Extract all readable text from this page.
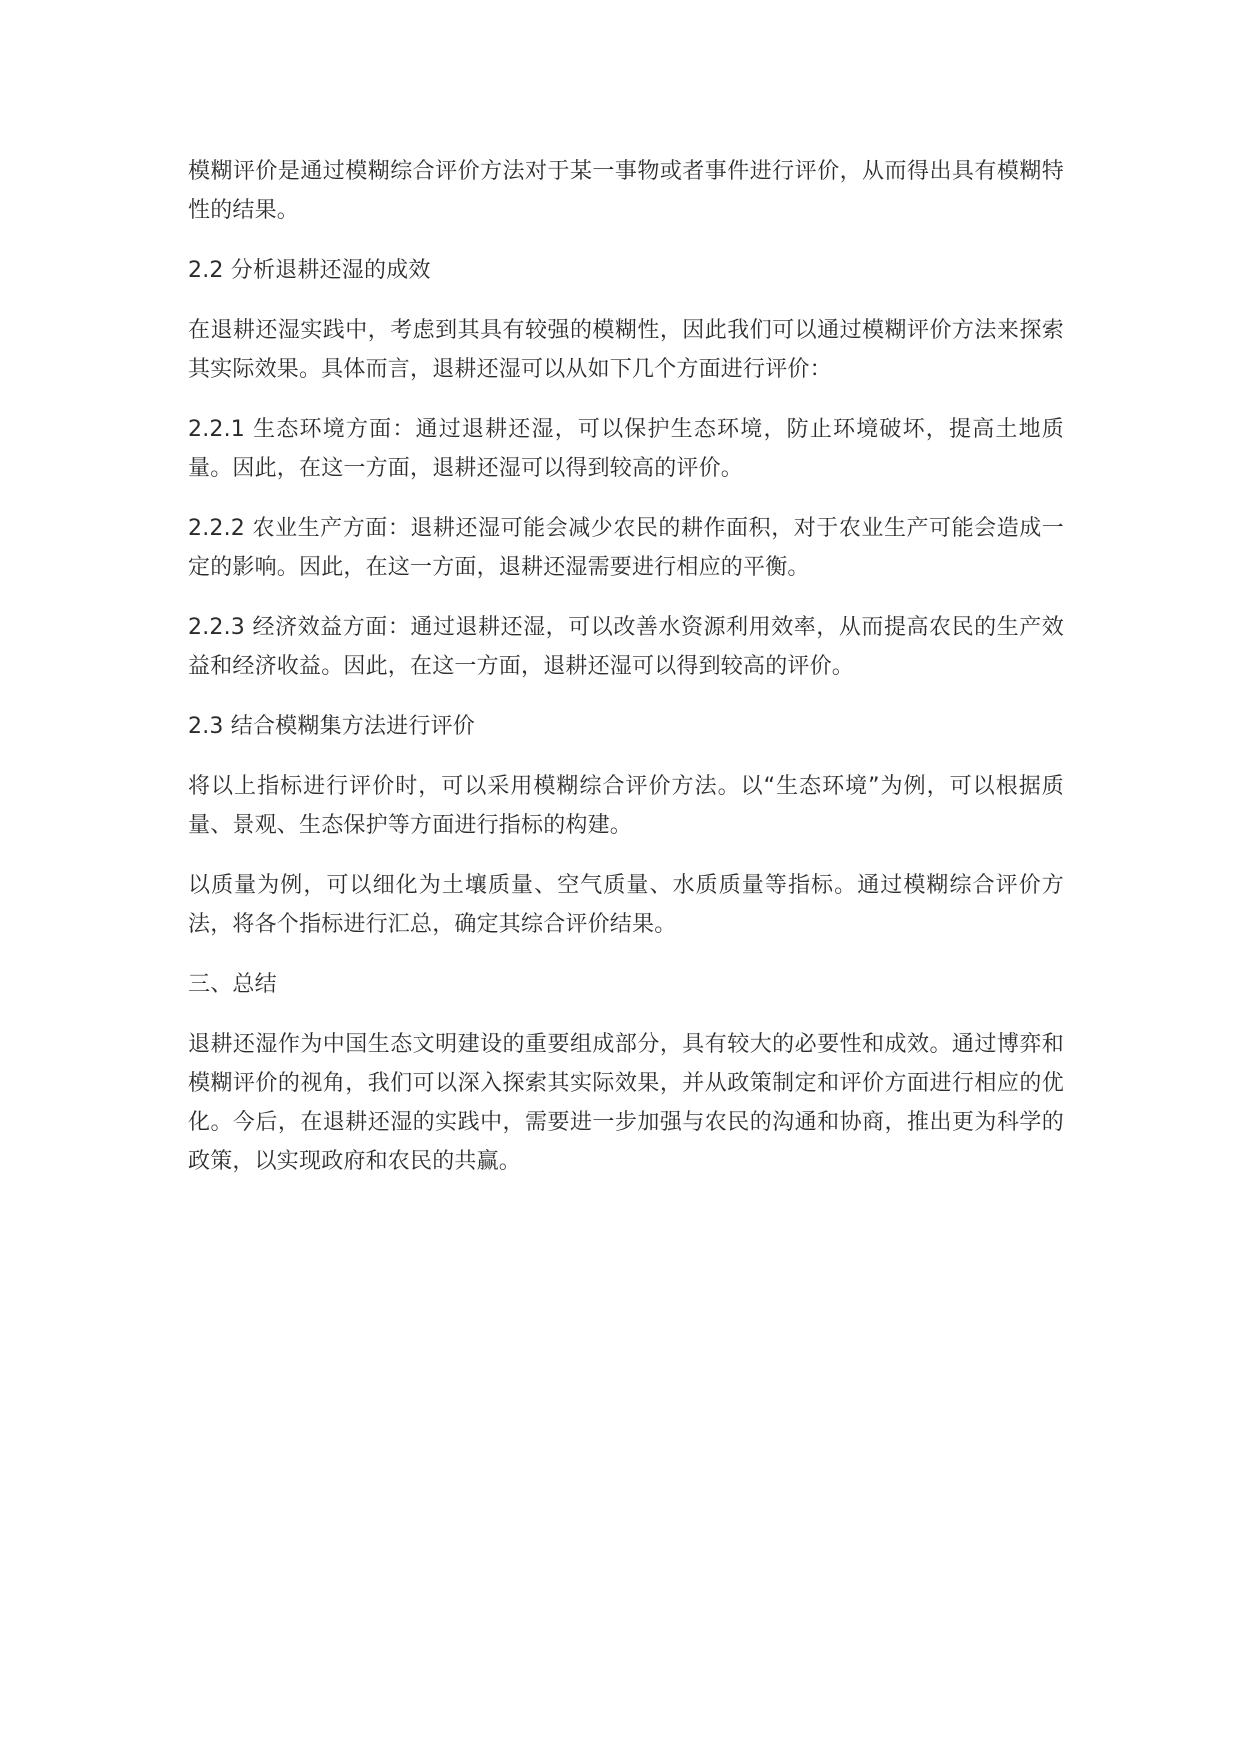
模糊评价是通过模糊综合评价方法对于某一事物或者事件进行评价，从而得出具有模糊特性的结果。

2.2 分析退耕还湿的成效

在退耕还湿实践中，考虑到其具有较强的模糊性，因此我们可以通过模糊评价方法来探索其实际效果。具体而言，退耕还湿可以从如下几个方面进行评价：

2.2.1 生态环境方面：通过退耕还湿，可以保护生态环境，防止环境破坏，提高土地质量。因此，在这一方面，退耕还湿可以得到较高的评价。

2.2.2 农业生产方面：退耕还湿可能会减少农民的耕作面积，对于农业生产可能会造成一定的影响。因此，在这一方面，退耕还湿需要进行相应的平衡。

2.2.3 经济效益方面：通过退耕还湿，可以改善水资源利用效率，从而提高农民的生产效益和经济收益。因此，在这一方面，退耕还湿可以得到较高的评价。

2.3 结合模糊集方法进行评价

将以上指标进行评价时，可以采用模糊综合评价方法。以“生态环境”为例，可以根据质量、景观、生态保护等方面进行指标的构建。

以质量为例，可以细化为土壤质量、空气质量、水质质量等指标。通过模糊综合评价方法，将各个指标进行汇总，确定其综合评价结果。

三、总结

退耕还湿作为中国生态文明建设的重要组成部分，具有较大的必要性和成效。通过博弈和模糊评价的视角，我们可以深入探索其实际效果，并从政策制定和评价方面进行相应的优化。今后，在退耕还湿的实践中，需要进一步加强与农民的沟通和协商，推出更为科学的政策，以实现政府和农民的共赢。
